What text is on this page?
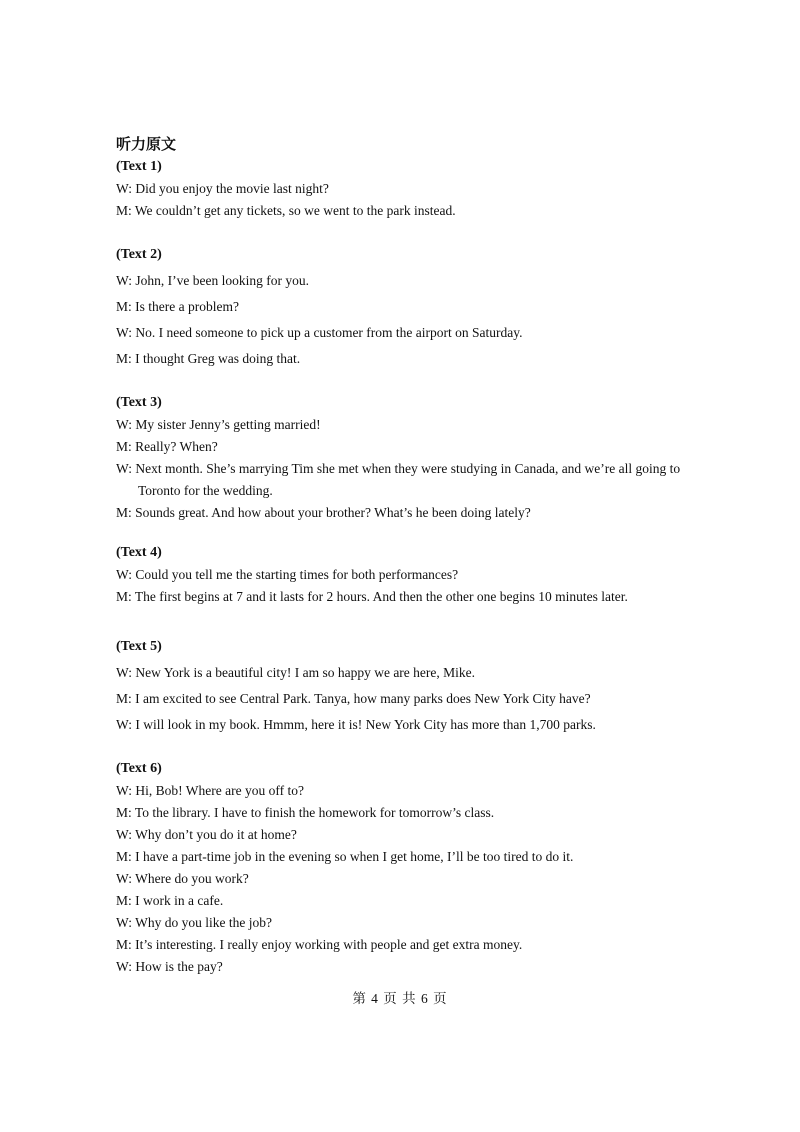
听力原文
(Text 1)
W: Did you enjoy the movie last night?
M: We couldn’t get any tickets, so we went to the park instead.
(Text 2)
W: John, I’ve been looking for you.
M: Is there a problem?
W: No. I need someone to pick up a customer from the airport on Saturday.
M: I thought Greg was doing that.
(Text 3)
W: My sister Jenny’s getting married!
M: Really? When?
W: Next month. She’s marrying Tim she met when they were studying in Canada, and we’re all going to Toronto for the wedding.
M: Sounds great. And how about your brother? What’s he been doing lately?
(Text 4)
W: Could you tell me the starting times for both performances?
M: The first begins at 7 and it lasts for 2 hours. And then the other one begins 10 minutes later.
(Text 5)
W: New York is a beautiful city! I am so happy we are here, Mike.
M: I am excited to see Central Park. Tanya, how many parks does New York City have?
W: I will look in my book. Hmmm, here it is! New York City has more than 1,700 parks.
(Text 6)
W: Hi, Bob! Where are you off to?
M: To the library. I have to finish the homework for tomorrow’s class.
W: Why don’t you do it at home?
M: I have a part-time job in the evening so when I get home, I’ll be too tired to do it.
W: Where do you work?
M: I work in a cafe.
W: Why do you like the job?
M: It’s interesting. I really enjoy working with people and get extra money.
W: How is the pay?
第 4 页 共 6 页
